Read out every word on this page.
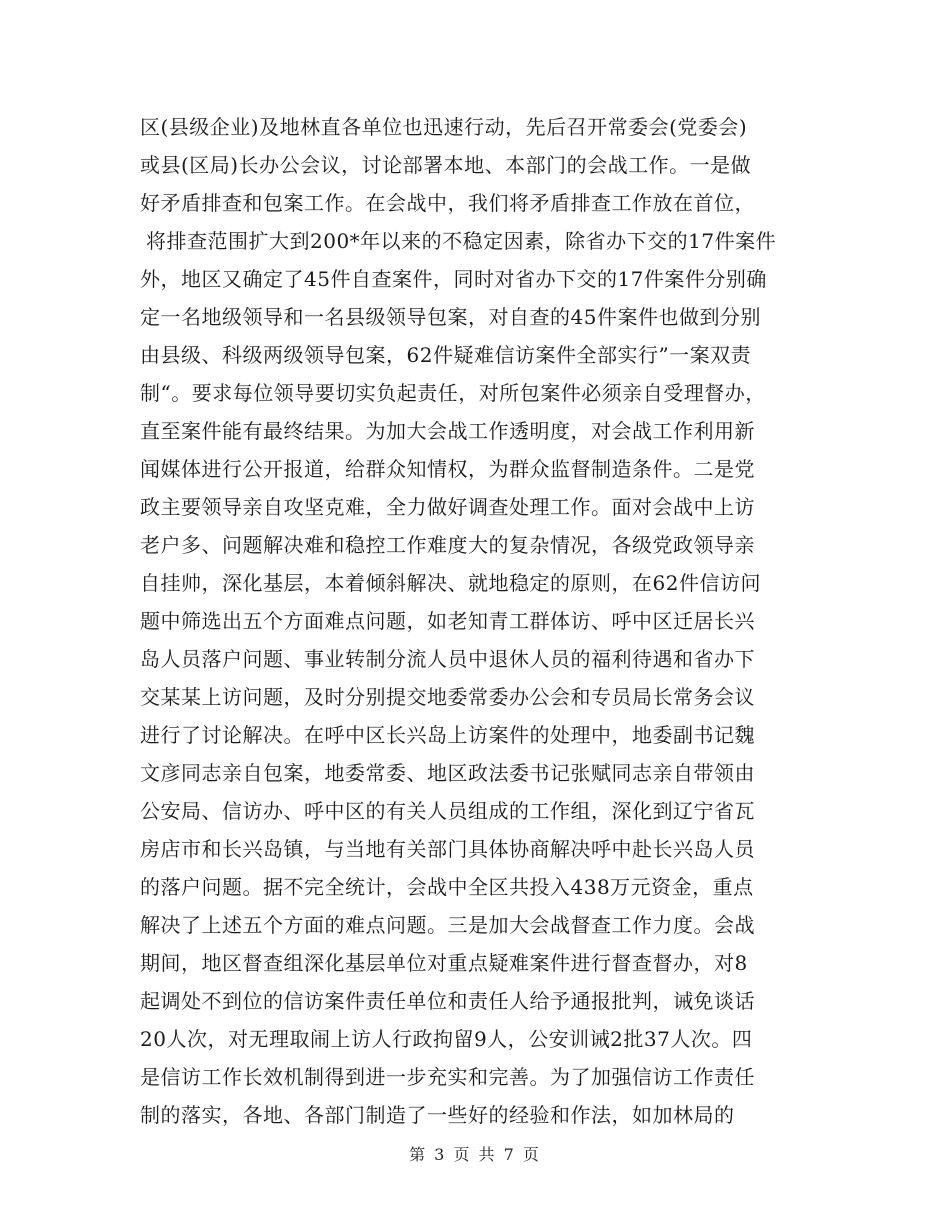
区(县级企业)及地林直各单位也迅速行动，先后召开常委会(党委会)
或县(区局)长办公会议，讨论部署本地、本部门的会战工作。一是做
好矛盾排查和包案工作。在会战中，我们将矛盾排查工作放在首位，
将排查范围扩大到200*年以来的不稳定因素，除省办下交的17件案件
外，地区又确定了45件自查案件，同时对省办下交的17件案件分别确
定一名地级领导和一名县级领导包案，对自查的45件案件也做到分别
由县级、科级两级领导包案，62件疑难信访案件全部实行”一案双责
制“。要求每位领导要切实负起责任，对所包案件必须亲自受理督办，
直至案件能有最终结果。为加大会战工作透明度，对会战工作利用新
闻媒体进行公开报道，给群众知情权，为群众监督制造条件。二是党
政主要领导亲自攻坚克难，全力做好调查处理工作。面对会战中上访
老户多、问题解决难和稳控工作难度大的复杂情况，各级党政领导亲
自挂帅，深化基层，本着倾斜解决、就地稳定的原则，在62件信访问
题中筛选出五个方面难点问题，如老知青工群体访、呼中区迁居长兴
岛人员落户问题、事业转制分流人员中退休人员的福利待遇和省办下
交某某上访问题，及时分别提交地委常委办公会和专员局长常务会议
进行了讨论解决。在呼中区长兴岛上访案件的处理中，地委副书记魏
文彦同志亲自包案，地委常委、地区政法委书记张赋同志亲自带领由
公安局、信访办、呼中区的有关人员组成的工作组，深化到辽宁省瓦
房店市和长兴岛镇，与当地有关部门具体协商解决呼中赴长兴岛人员
的落户问题。据不完全统计，会战中全区共投入438万元资金，重点
解决了上述五个方面的难点问题。三是加大会战督查工作力度。会战
期间，地区督查组深化基层单位对重点疑难案件进行督查督办，对8
起调处不到位的信访案件责任单位和责任人给予通报批判，诫免谈话
20人次，对无理取闹上访人行政拘留9人，公安训诫2批37人次。四
是信访工作长效机制得到进一步充实和完善。为了加强信访工作责任
制的落实，各地、各部门制造了一些好的经验和作法，如加林局的
第 3 页 共 7 页
